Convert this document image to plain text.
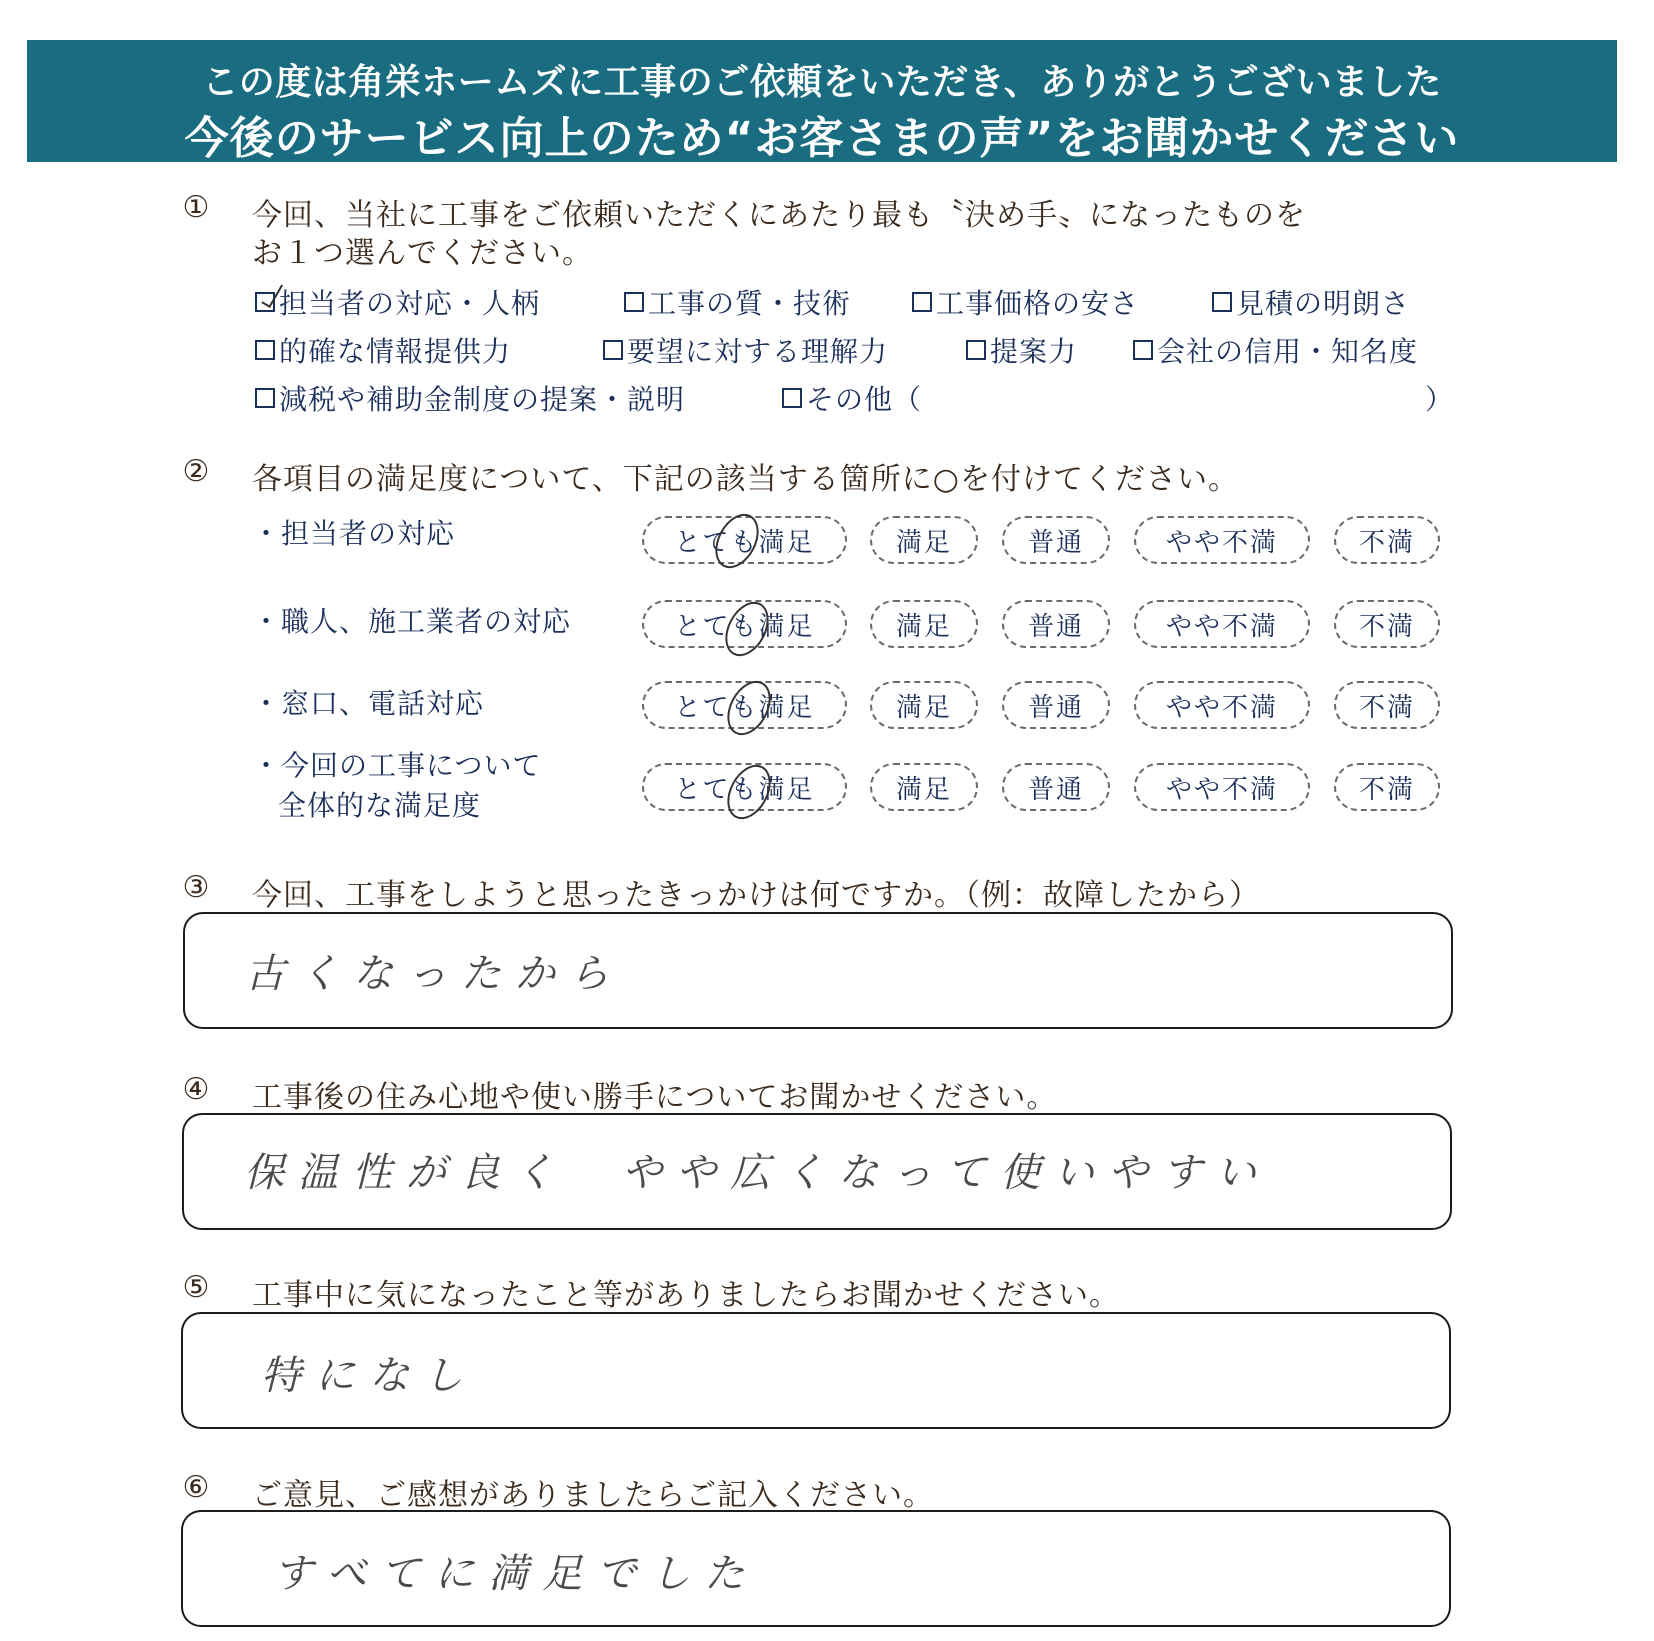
この度は角栄ホームズに工事のご依頼をいただき、ありがとうございました
今後のサービス向上のため“お客さまの声”をお聞かせください
① 今回、当社に工事をご依頼いただくにあたり最も〝決め手〟になったものを
お１つ選んでください。
担当者の対応・人柄	工事の質・技術	工事価格の安さ	見積の明朗さ
的確な情報提供力	要望に対する理解力	提案力	会社の信用・知名度
減税や補助金制度の提案・説明	その他（	）
② 各項目の満足度について、下記の該当する箇所に○を付けてください。
・担当者の対応	とても満足	満足	普通	やや不満	不満
・職人、施工業者の対応	とても満足	満足	普通	やや不満	不満
・窓口、電話対応	とても満足	満足	普通	やや不満	不満
・今回の工事について
全体的な満足度	とても満足	満足	普通	やや不満	不満
③ 今回、工事をしようと思ったきっかけは何ですか。（例：故障したから）
古くなったから
④ 工事後の住み心地や使い勝手についてお聞かせください。
保温性が良く　やや広くなって使いやすい
⑤ 工事中に気になったこと等がありましたらお聞かせください。
特になし
⑥ ご意見、ご感想がありましたらご記入ください。
すべてに満足でした
